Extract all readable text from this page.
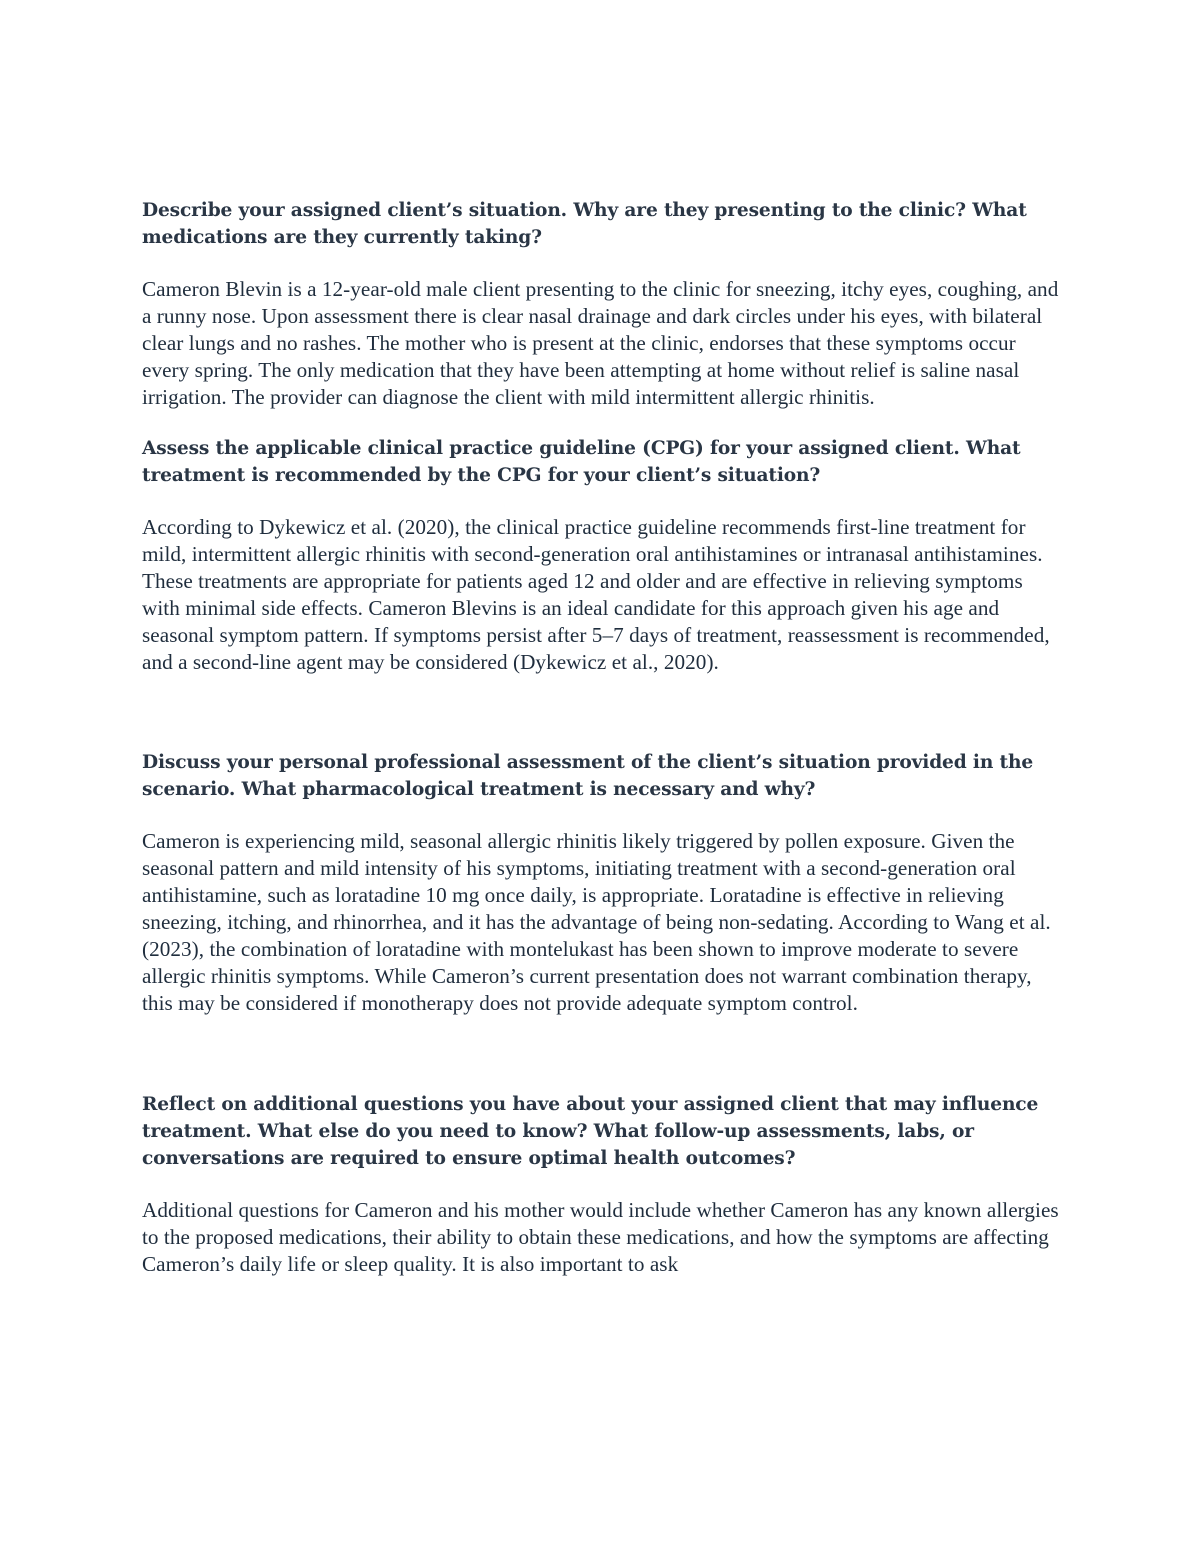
Describe your assigned client’s situation. Why are they presenting to the clinic? What medications are they currently taking?

Cameron Blevin is a 12-year-old male client presenting to the clinic for sneezing, itchy eyes, coughing, and a runny nose. Upon assessment there is clear nasal drainage and dark circles under his eyes, with bilateral clear lungs and no rashes. The mother who is present at the clinic, endorses that these symptoms occur every spring. The only medication that they have been attempting at home without relief is saline nasal irrigation. The provider can diagnose the client with mild intermittent allergic rhinitis.

Assess the applicable clinical practice guideline (CPG) for your assigned client. What treatment is recommended by the CPG for your client’s situation?

According to Dykewicz et al. (2020), the clinical practice guideline recommends first-line treatment for mild, intermittent allergic rhinitis with second-generation oral antihistamines or intranasal antihistamines. These treatments are appropriate for patients aged 12 and older and are effective in relieving symptoms with minimal side effects. Cameron Blevins is an ideal candidate for this approach given his age and seasonal symptom pattern. If symptoms persist after 5–7 days of treatment, reassessment is recommended, and a second-line agent may be considered (Dykewicz et al., 2020).

Discuss your personal professional assessment of the client’s situation provided in the scenario. What pharmacological treatment is necessary and why?

Cameron is experiencing mild, seasonal allergic rhinitis likely triggered by pollen exposure. Given the seasonal pattern and mild intensity of his symptoms, initiating treatment with a second-generation oral antihistamine, such as loratadine 10 mg once daily, is appropriate. Loratadine is effective in relieving sneezing, itching, and rhinorrhea, and it has the advantage of being non-sedating. According to Wang et al. (2023), the combination of loratadine with montelukast has been shown to improve moderate to severe allergic rhinitis symptoms. While Cameron’s current presentation does not warrant combination therapy, this may be considered if monotherapy does not provide adequate symptom control.

Reflect on additional questions you have about your assigned client that may influence treatment. What else do you need to know? What follow-up assessments, labs, or conversations are required to ensure optimal health outcomes?

Additional questions for Cameron and his mother would include whether Cameron has any known allergies to the proposed medications, their ability to obtain these medications, and how the symptoms are affecting Cameron’s daily life or sleep quality. It is also important to ask
